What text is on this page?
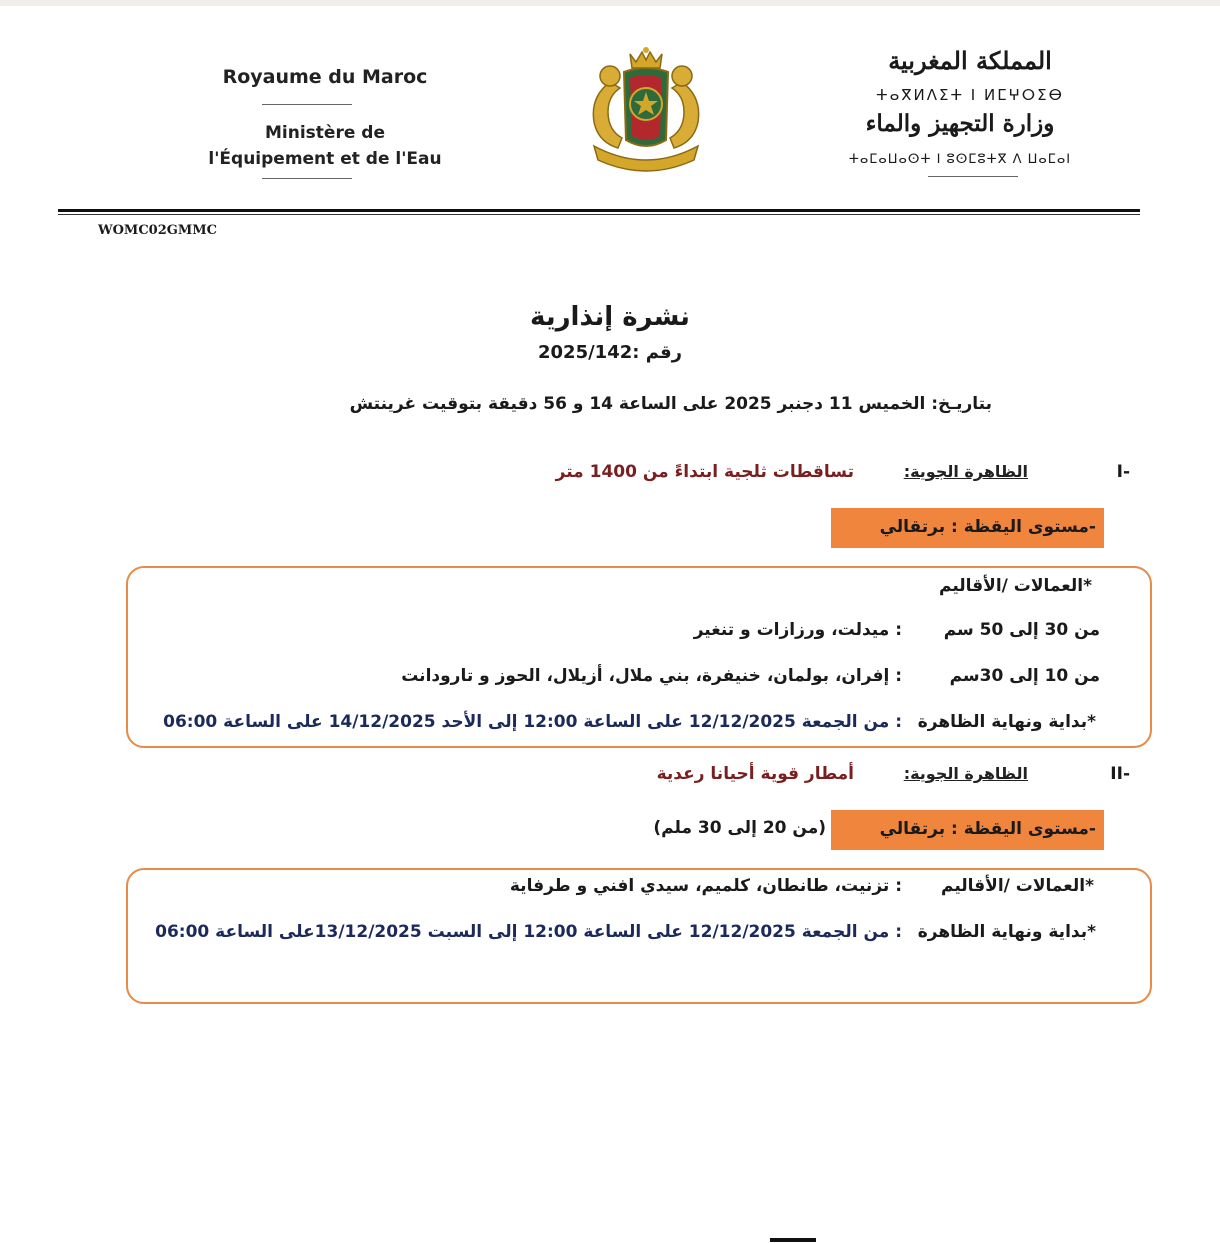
Royaume du Maroc
Ministère de
l'Équipement et de l'Eau
المملكة المغربية
ⵜⴰⴳⵍⴷⵉⵜ ⵏ ⵍⵎⵖⵔⵉⴱ
وزارة التجهيز والماء
ⵜⴰⵎⴰⵡⴰⵙⵜ ⵏ ⵓⵙⵎⵓⵜⴳ ⴷ ⵡⴰⵎⴰⵏ
WOMC02GMMC
نشرة إنذارية
رقم :2025/142
بتاريـخ: الخميس 11 دجنبر 2025 على الساعة 14 و 56 دقيقة بتوقيت غرينتش
-I
الظاهرة الجوية:
تساقطات ثلجية ابتداءً من 1400 متر
-مستوى اليقظة : برتقالي
*العمالات /الأقاليم
من 30 إلى 50 سم
: ميدلت، ورزازات و تنغير
من 10 إلى 30سم
: إفران، بولمان، خنيفرة، بني ملال، أزيلال، الحوز و تارودانت
*بداية ونهاية الظاهرة
: من الجمعة 12/12/2025 على الساعة 12:00 إلى الأحد 14/12/2025 على الساعة 06:00
-II
الظاهرة الجوية:
أمطار قوية أحيانا رعدية
-مستوى اليقظة : برتقالي
(من 20 إلى 30 ملم)
*العمالات /الأقاليم
: تزنيت، طانطان، كلميم، سيدي افني و طرفاية
*بداية ونهاية الظاهرة
: من الجمعة 12/12/2025 على الساعة 12:00 إلى السبت 13/12/2025على الساعة 06:00
